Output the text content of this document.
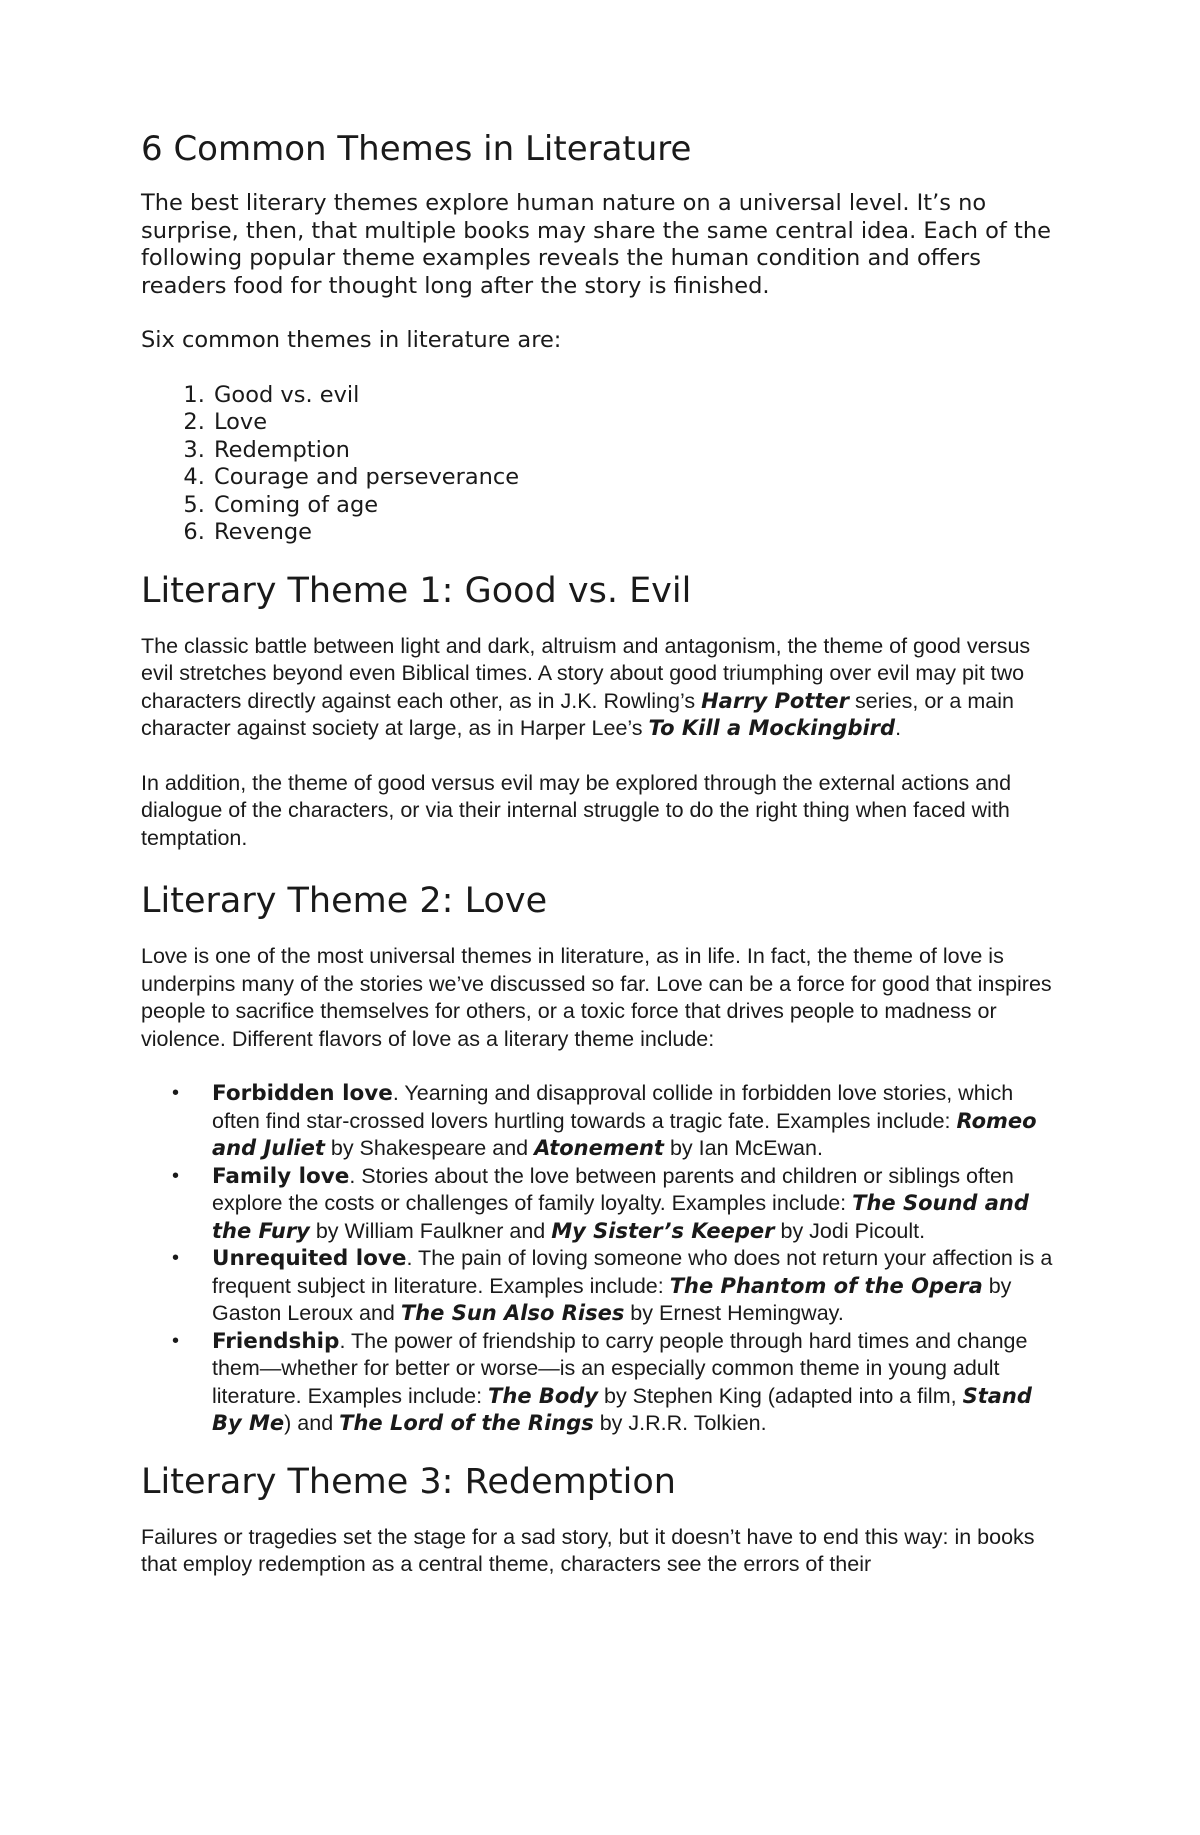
6 Common Themes in Literature

The best literary themes explore human nature on a universal level. It’s no surprise, then, that multiple books may share the same central idea. Each of the following popular theme examples reveals the human condition and offers readers food for thought long after the story is finished.

Six common themes in literature are:

1. Good vs. evil
2. Love
3. Redemption
4. Courage and perseverance
5. Coming of age
6. Revenge
Literary Theme 1: Good vs. Evil

The classic battle between light and dark, altruism and antagonism, the theme of good versus evil stretches beyond even Biblical times. A story about good triumphing over evil may pit two characters directly against each other, as in J.K. Rowling’s Harry Potter series, or a main character against society at large, as in Harper Lee’s To Kill a Mockingbird.

In addition, the theme of good versus evil may be explored through the external actions and dialogue of the characters, or via their internal struggle to do the right thing when faced with temptation.

Literary Theme 2: Love

Love is one of the most universal themes in literature, as in life. In fact, the theme of love is underpins many of the stories we’ve discussed so far. Love can be a force for good that inspires people to sacrifice themselves for others, or a toxic force that drives people to madness or violence. Different flavors of love as a literary theme include:

• Forbidden love. Yearning and disapproval collide in forbidden love stories, which often find star-crossed lovers hurtling towards a tragic fate. Examples include: Romeo and Juliet by Shakespeare and Atonement by Ian McEwan.
• Family love. Stories about the love between parents and children or siblings often explore the costs or challenges of family loyalty. Examples include: The Sound and the Fury by William Faulkner and My Sister’s Keeper by Jodi Picoult.
• Unrequited love. The pain of loving someone who does not return your affection is a frequent subject in literature. Examples include: The Phantom of the Opera by Gaston Leroux and The Sun Also Rises by Ernest Hemingway.
• Friendship. The power of friendship to carry people through hard times and change them—whether for better or worse—is an especially common theme in young adult literature. Examples include: The Body by Stephen King (adapted into a film, Stand By Me) and The Lord of the Rings by J.R.R. Tolkien.
Literary Theme 3: Redemption

Failures or tragedies set the stage for a sad story, but it doesn’t have to end this way: in books that employ redemption as a central theme, characters see the errors of their
